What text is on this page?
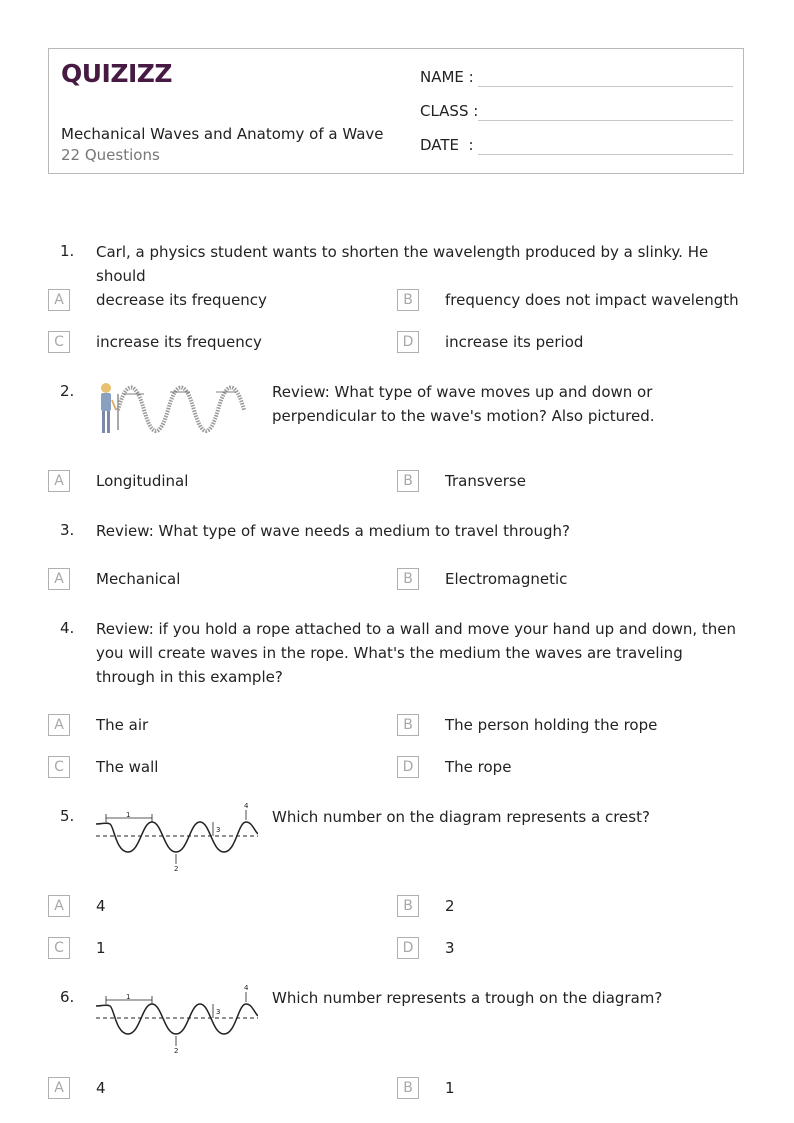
QUIZIZZ
Mechanical Waves and Anatomy of a Wave
22 Questions
NAME :
CLASS :
DATE  :
1. Carl, a physics student wants to shorten the wavelength produced by a slinky. He should
A	decrease its frequency	B	frequency does not impact wavelength
C	increase its frequency	D	increase its period
2.	Review: What type of wave moves up and down or perpendicular to the wave's motion? Also pictured.
A	Longitudinal	B	Transverse
3. Review: What type of wave needs a medium to travel through?
A	Mechanical	B	Electromagnetic
4. Review: if you hold a rope attached to a wall and move your hand up and down, then you will create waves in the rope. What's the medium the waves are traveling through in this example?
A	The air	B	The person holding the rope
C	The wall	D	The rope
5.	1
2
3
4
Which number on the diagram represents a crest?
A	4	B	2
C	1	D	3
6.	1
2
3
4
Which number represents a trough on the diagram?
A	4	B	1
